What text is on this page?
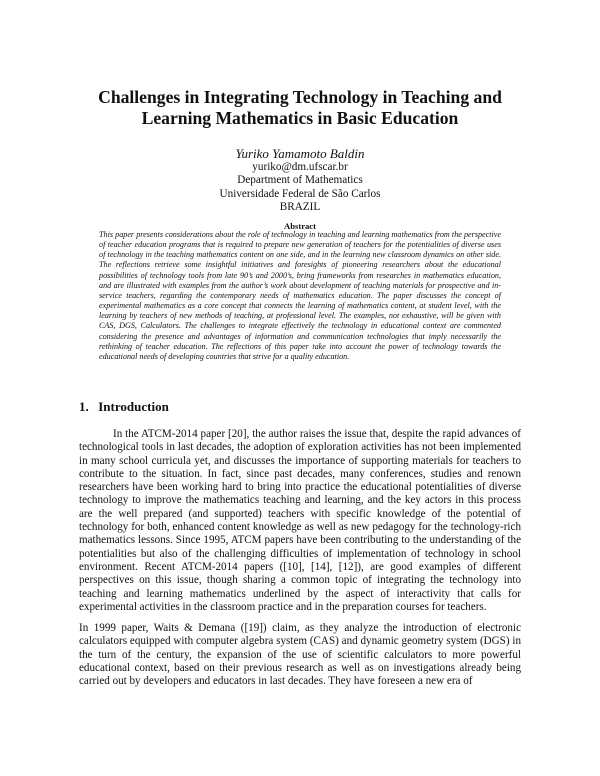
Challenges in Integrating Technology in Teaching and
Learning Mathematics in Basic Education
Yuriko Yamamoto Baldin
yuriko@dm.ufscar.br
Department of Mathematics
Universidade Federal de São Carlos
BRAZIL
Abstract
This paper presents considerations about the role of technology in teaching and learning mathematics from the perspective of teacher education programs that is required to prepare new generation of teachers for the potentialities of diverse uses of technology in the teaching mathematics content on one side, and in the learning new classroom dynamics on other side. The reflections retrieve some insightful initiatives and foresights of pioneering researchers about the educational possibilities of technology tools from late 90’s and 2000’s, bring frameworks from researches in mathematics education, and are illustrated with examples from the author’s work about development of teaching materials for prospective and in-service teachers, regarding the contemporary needs of mathematics education. The paper discusses the concept of experimental mathematics as a core concept that connects the learning of mathematics content, at student level, with the learning by teachers of new methods of teaching, at professional level. The examples, not exhaustive, will be given with CAS, DGS, Calculators. The challenges to integrate effectively the technology in educational context are commented considering the presence and advantages of information and communication technologies that imply necessarily the rethinking of teacher education. The reflections of this paper take into account the power of technology towards the educational needs of developing countries that strive for a quality education.
1. Introduction
In the ATCM-2014 paper [20], the author raises the issue that, despite the rapid advances of technological tools in last decades, the adoption of exploration activities has not been implemented in many school curricula yet, and discusses the importance of supporting materials for teachers to contribute to the situation. In fact, since past decades, many conferences, studies and renown researchers have been working hard to bring into practice the educational potentialities of diverse technology to improve the mathematics teaching and learning, and the key actors in this process are the well prepared (and supported) teachers with specific knowledge of the potential of technology for both, enhanced content knowledge as well as new pedagogy for the technology-rich mathematics lessons. Since 1995, ATCM papers have been contributing to the understanding of the potentialities but also of the challenging difficulties of implementation of technology in school environment. Recent ATCM-2014 papers ([10], [14], [12]), are good examples of different perspectives on this issue, though sharing a common topic of integrating the technology into teaching and learning mathematics underlined by the aspect of interactivity that calls for experimental activities in the classroom practice and in the preparation courses for teachers.
In 1999 paper, Waits & Demana ([19]) claim, as they analyze the introduction of electronic calculators equipped with computer algebra system (CAS) and dynamic geometry system (DGS) in the turn of the century, the expansion of the use of scientific calculators to more powerful educational context, based on their previous research as well as on investigations already being carried out by developers and educators in last decades. They have foreseen a new era of
